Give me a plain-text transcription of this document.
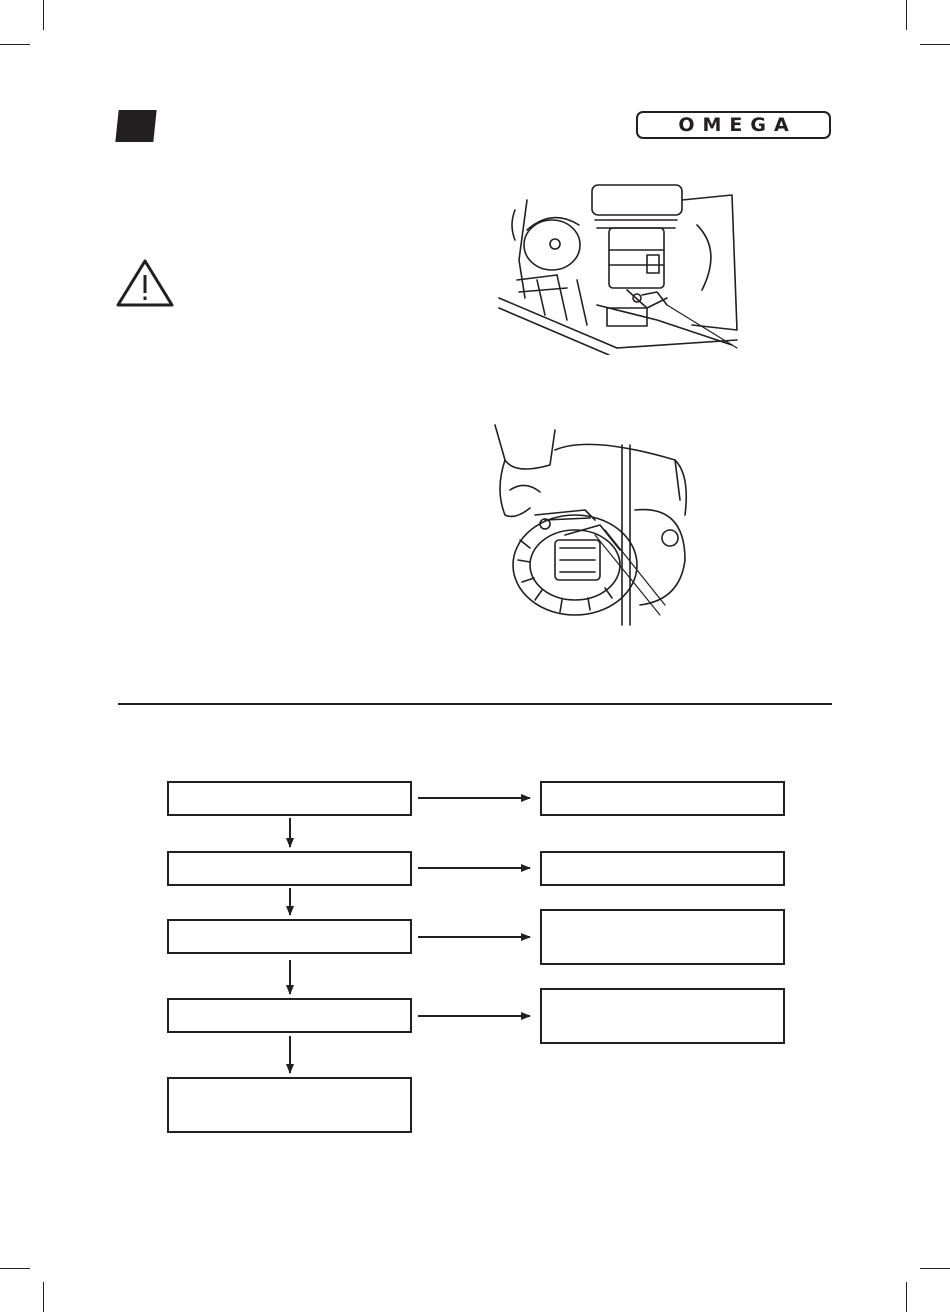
OMEGA
